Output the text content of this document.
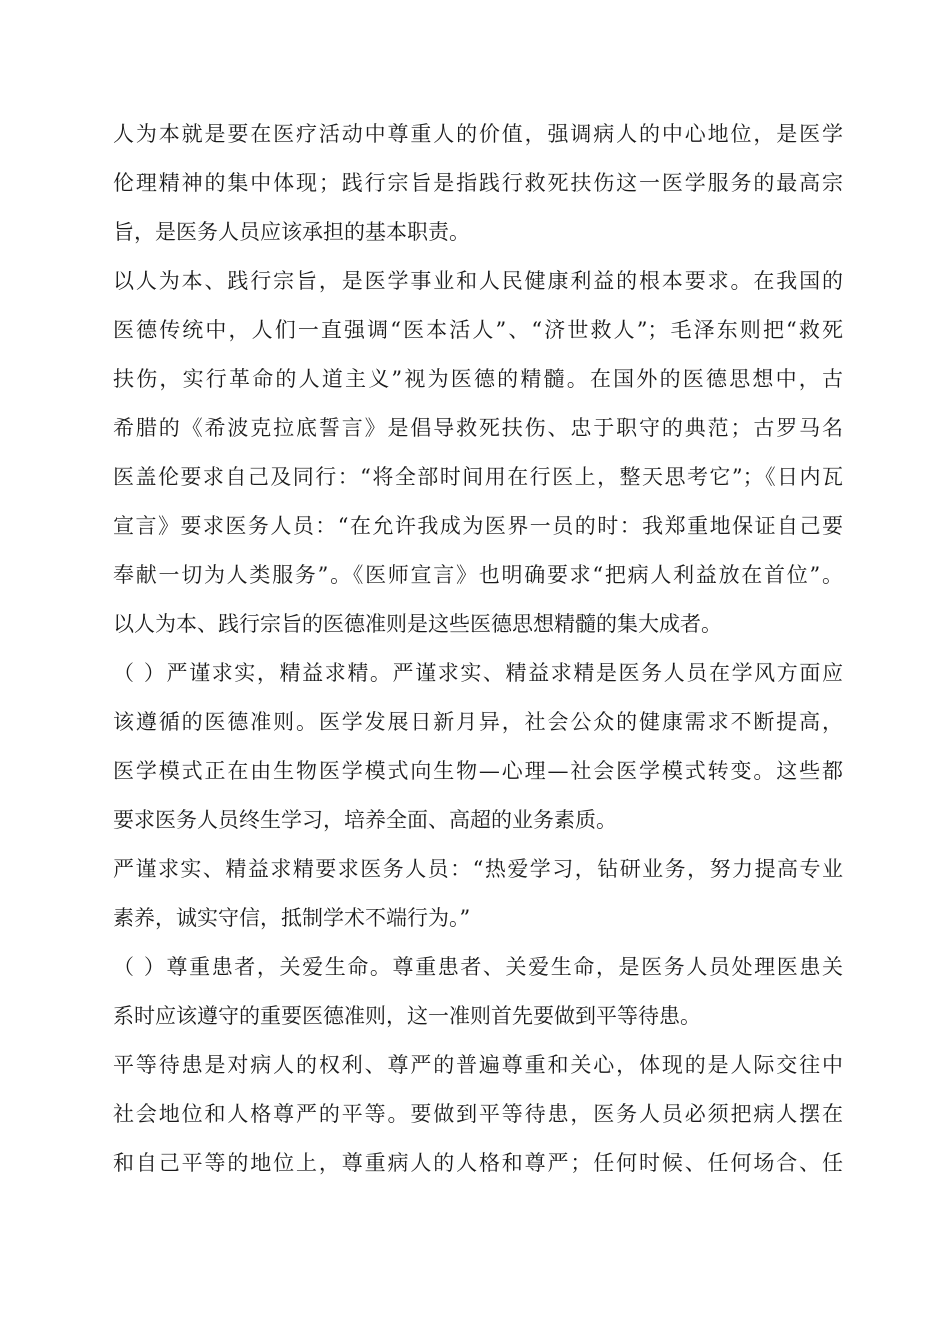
人为本就是要在医疗活动中尊重人的价值，强调病人的中心地位，是医学
伦理精神的集中体现；践行宗旨是指践行救死扶伤这一医学服务的最高宗
旨，是医务人员应该承担的基本职责。
以人为本、践行宗旨，是医学事业和人民健康利益的根本要求。在我国的
医德传统中，人们一直强调“医本活人”、“济世救人”；毛泽东则把“救死
扶伤，实行革命的人道主义”视为医德的精髓。在国外的医德思想中，古
希腊的《希波克拉底誓言》是倡导救死扶伤、忠于职守的典范；古罗马名
医盖伦要求自己及同行：“将全部时间用在行医上，整天思考它”；《日内瓦
宣言》要求医务人员：“在允许我成为医界一员的时：我郑重地保证自己要
奉献一切为人类服务”。《医师宣言》也明确要求“把病人利益放在首位”。
以人为本、践行宗旨的医德准则是这些医德思想精髓的集大成者。
（ ）严谨求实，精益求精。严谨求实、精益求精是医务人员在学风方面应
该遵循的医德准则。医学发展日新月异，社会公众的健康需求不断提高，
医学模式正在由生物医学模式向生物—心理—社会医学模式转变。这些都
要求医务人员终生学习，培养全面、高超的业务素质。
严谨求实、精益求精要求医务人员：“热爱学习，钻研业务，努力提高专业
素养，诚实守信，抵制学术不端行为。”
（ ）尊重患者，关爱生命。尊重患者、关爱生命，是医务人员处理医患关
系时应该遵守的重要医德准则，这一准则首先要做到平等待患。
平等待患是对病人的权利、尊严的普遍尊重和关心，体现的是人际交往中
社会地位和人格尊严的平等。要做到平等待患，医务人员必须把病人摆在
和自己平等的地位上，尊重病人的人格和尊严；任何时候、任何场合、任
